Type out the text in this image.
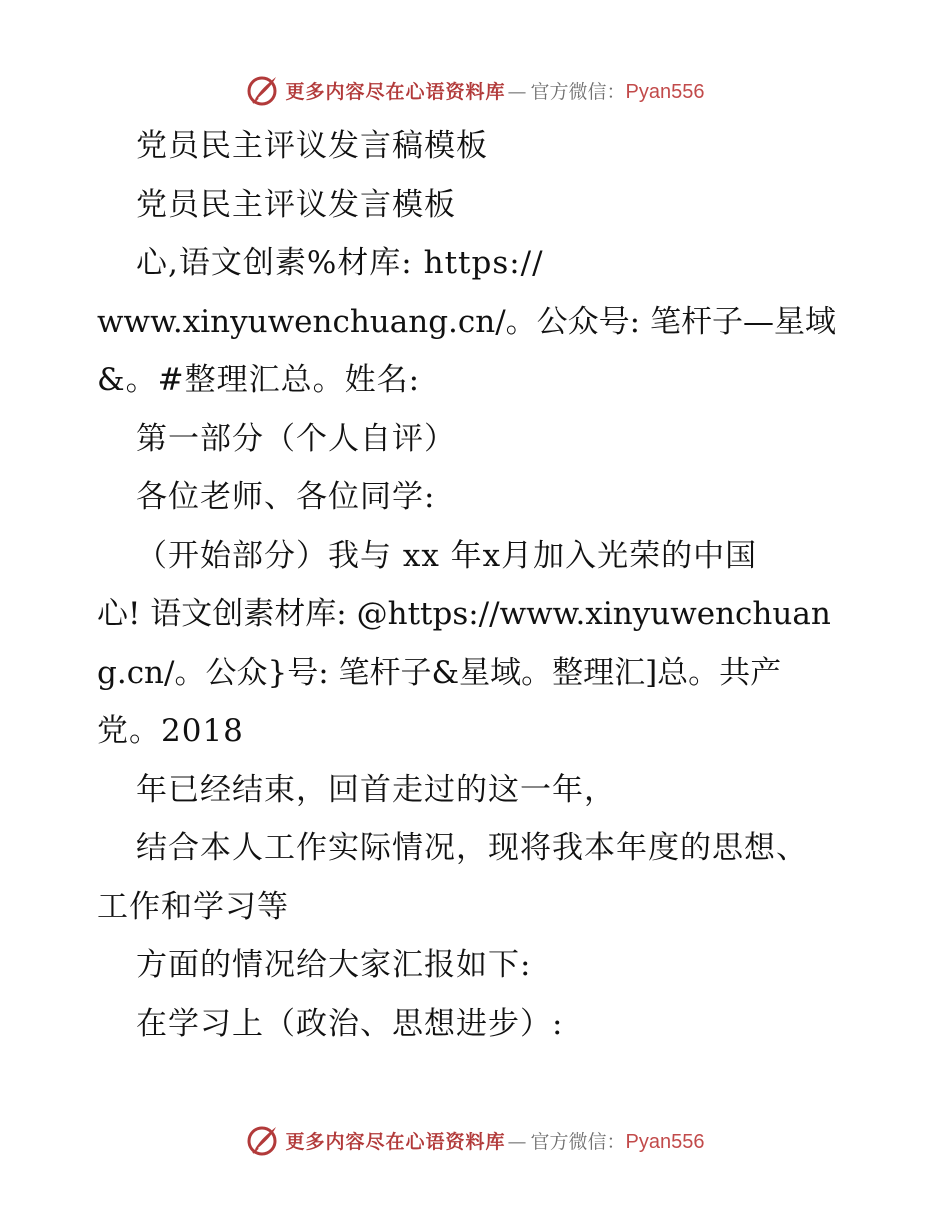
更多内容尽在心语资料库 — 官方微信： Pyan556
党员民主评议发言稿模板
党员民主评议发言模板
心,语文创素%材库: https://
www.xinyuwenchuang.cn/。公众号: 笔杆子—星域
&。#整理汇总。姓名:
第一部分（个人自评）
各位老师、各位同学:
（开始部分）我与 xx 年x月加入光荣的中国
心! 语文创素材库: @https://www.xinyuwenchuan
g.cn/。公众}号: 笔杆子&星域。整理汇]总。共产
党。2018
年已经结束，回首走过的这一年，
结合本人工作实际情况，现将我本年度的思想、
工作和学习等
方面的情况给大家汇报如下:
在学习上（政治、思想进步）:
更多内容尽在心语资料库 — 官方微信： Pyan556
